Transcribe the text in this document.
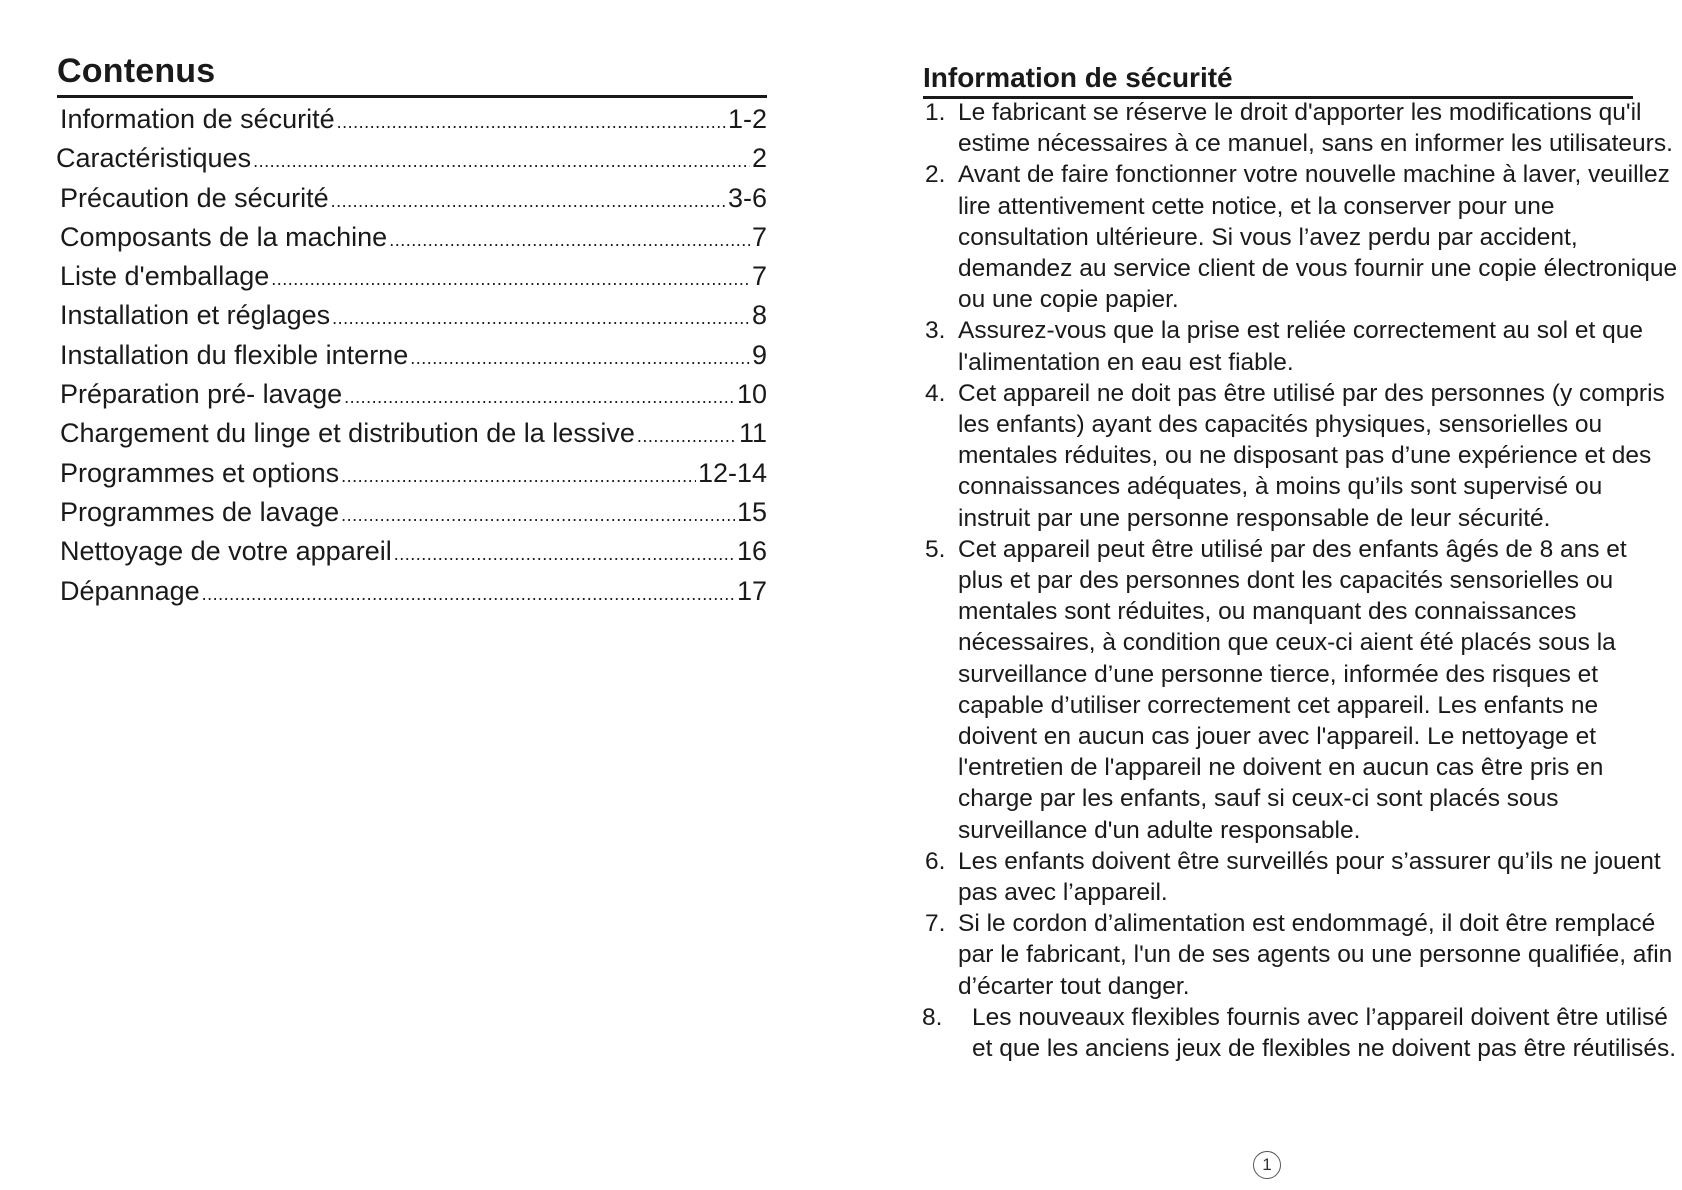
Contenus
Information de sécurité .....	1-2
Caractéristiques .....	2
Précaution de sécurité .....	3-6
Composants de la machine .....	7
Liste d'emballage .....	7
Installation et réglages .....	8
Installation du flexible interne .....	9
Préparation pré- lavage .....	10
Chargement du linge et distribution de la lessive .....	11
Programmes et options .....	12-14
Programmes de lavage .....	15
Nettoyage de votre appareil .....	16
Dépannage .....	17
Information de sécurité
1. Le fabricant se réserve le droit d'apporter les modifications qu'il estime nécessaires à ce manuel, sans en informer les utilisateurs.
2. Avant de faire fonctionner votre nouvelle machine à laver, veuillez lire attentivement cette notice, et la conserver pour une consultation ultérieure. Si vous l’avez perdu par accident, demandez au service client de vous fournir une copie électronique ou une copie papier.
3. Assurez-vous que la prise est reliée correctement au sol et que l'alimentation en eau est fiable.
4. Cet appareil ne doit pas être utilisé par des personnes (y compris les enfants) ayant des capacités physiques, sensorielles ou mentales réduites, ou ne disposant pas d’une expérience et des connaissances adéquates, à moins qu’ils sont supervisé ou instruit par une personne responsable de leur sécurité.
5. Cet appareil peut être utilisé par des enfants âgés de 8 ans et plus et par des personnes dont les capacités sensorielles ou mentales sont réduites, ou manquant des connaissances nécessaires, à condition que ceux-ci aient été placés sous la surveillance d’une personne tierce, informée des risques et capable d’utiliser correctement cet appareil. Les enfants ne doivent en aucun cas jouer avec l'appareil. Le nettoyage et l'entretien de l'appareil ne doivent en aucun cas être pris en charge par les enfants, sauf si ceux-ci sont placés sous surveillance d'un adulte responsable.
6. Les enfants doivent être surveillés pour s’assurer qu’ils ne jouent pas avec l’appareil.
7. Si le cordon d’alimentation est endommagé, il doit être remplacé par le fabricant, l'un de ses agents ou une personne qualifiée, afin d’écarter tout danger.
8. Les nouveaux flexibles fournis avec l’appareil doivent être utilisé et que les anciens jeux de flexibles ne doivent pas être réutilisés.
1
